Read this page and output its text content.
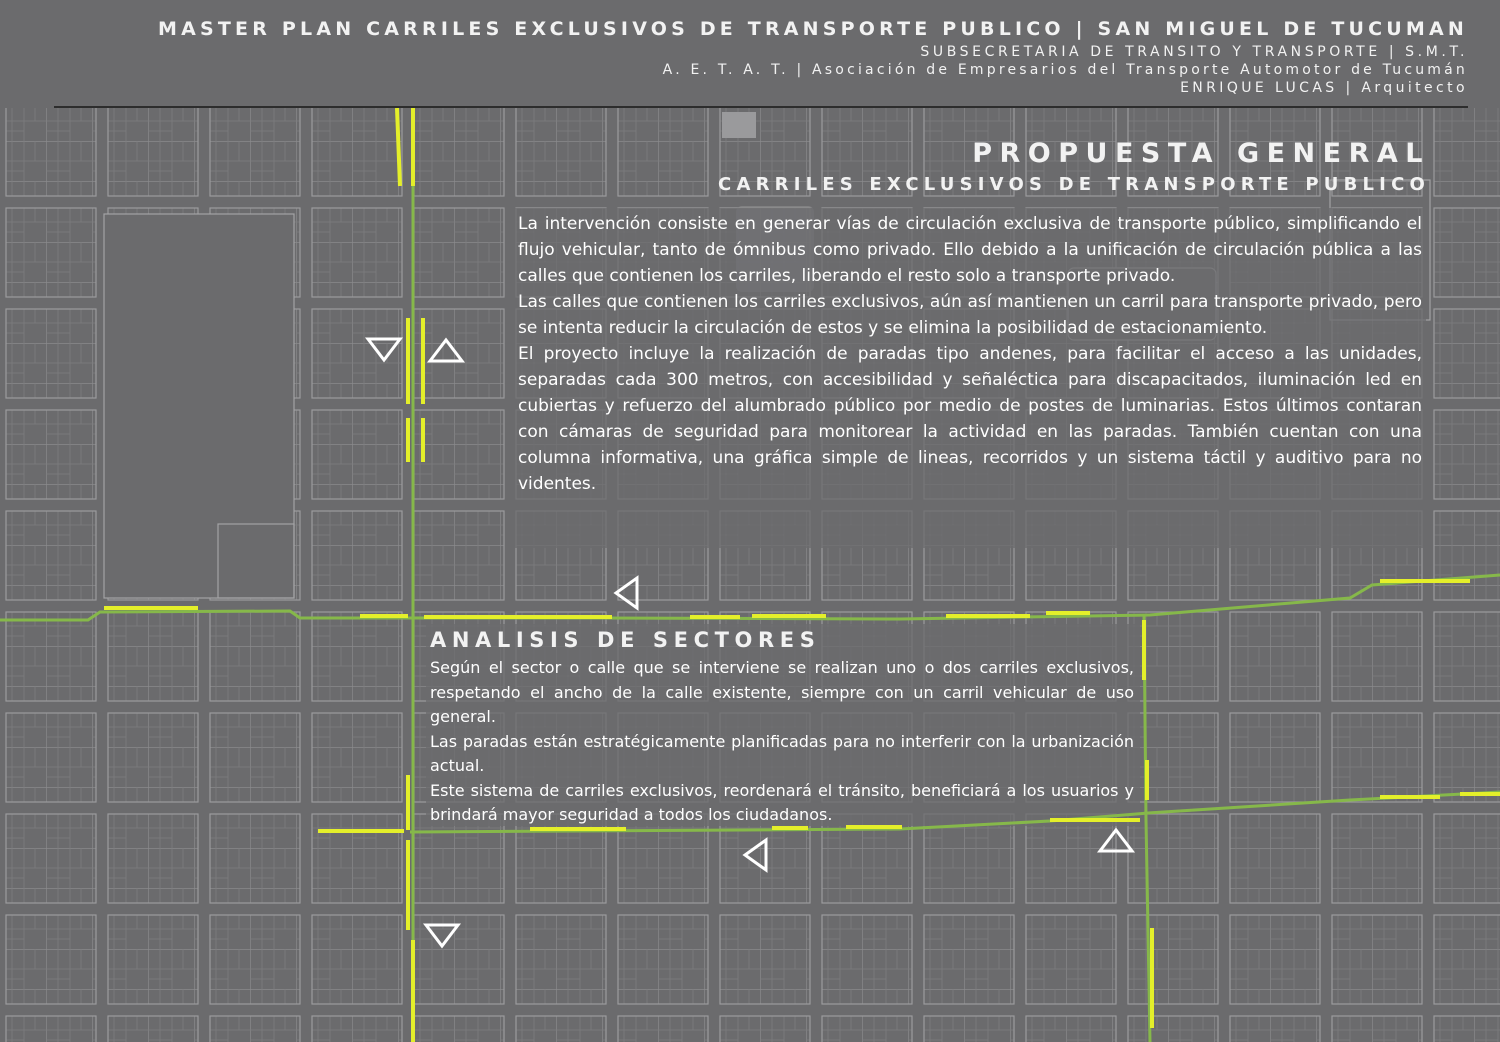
MASTER PLAN CARRILES EXCLUSIVOS DE TRANSPORTE PUBLICO | SAN MIGUEL DE TUCUMAN
SUBSECRETARIA DE TRANSITO Y TRANSPORTE | S.M.T.
A. E. T. A. T. | Asociación de Empresarios del Transporte Automotor de Tucumán
ENRIQUE LUCAS | Arquitecto
PROPUESTA GENERAL
CARRILES EXCLUSIVOS DE TRANSPORTE PUBLICO

La intervención consiste en generar vías de circulación exclusiva de transporte público, simplificando el flujo vehicular, tanto de ómnibus como privado. Ello debido a la unificación de circulación pública a las calles que contienen los carriles, liberando el resto solo a transporte privado.

Las calles que contienen los carriles exclusivos, aún así mantienen un carril para transporte privado, pero se intenta reducir la circulación de estos y se elimina la posibilidad de estacionamiento.

El proyecto incluye la realización de paradas tipo andenes, para facilitar el acceso a las unidades, separadas cada 300 metros, con accesibilidad y señaléctica para discapacitados, iluminación led en cubiertas y refuerzo del alumbrado público por medio de postes de luminarias. Estos últimos contaran con cámaras de seguridad para monitorear la actividad en las paradas. También cuentan con una columna informativa, una gráfica simple de lineas, recorridos y un sistema táctil y auditivo para no videntes.

ANALISIS DE SECTORES

Según el sector o calle que se interviene se realizan uno o dos carriles exclusivos, respetando el ancho de la calle existente, siempre con un carril vehicular de uso general.

Las paradas están estratégicamente planificadas para no interferir con la urbanización actual.

Este sistema de carriles exclusivos, reordenará el tránsito, beneficiará a los usuarios y brindará mayor seguridad a todos los ciudadanos.
